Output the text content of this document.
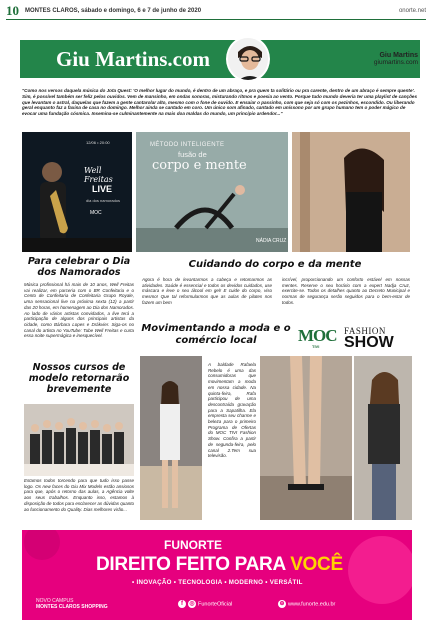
10 MONTES CLAROS, sábado e domingo, 6 e 7 de junho de 2020	onorte.net
Giu Martins.com	Giu Martins
giumartins.com

"Como nos versos daquela música do Jota Quest: 'O melhor lugar do mundo, é dentro de um abraço, e pra quem ta solitário ou pra carente, dentro de um abraço é sempre quente'. Sim, é possível também ser feliz pelos ouvidos. Vem de mansinho, em ondas sonoras, misturando ritmos e poesia ao vento. Porque tudo mundo deveria ter uma playlist de canções que levantam o astral, daquelas que fazem a gente cantarolar alto, mesmo com o fone de ouvido. E ensaiar o passinho, com que seja só com os pezinhos, escondido. Ou liberando geral enquanto faz a faxina de casa no domingo. Melhor ainda se cantado em coro. Um único som afinado, cantado em uníssono por um grupo humano tem o poder mágico de evocar uma fundação cósmica. Insemina-se culminantemente na mais doa maldas do mundo, um princípio ardendor..."

12/06 • 20:00
Well Freitas
LIVE
dia dos namorados
MOC
MÉTODO INTELIGENTE
fusão de
corpo e mente
NÁDIA CRUZ
Para celebrar o Dia dos Namorados

Música profissional há mais de 10 anos, Well Freitas vai realizar, em parceria com o BR Confeitaria e o Cento de Confeitaria de Confeitaria Grupo Royale, uma sensacional live na próxima sexta (12) a partir das 20 horas, em homenagem ao Dia dos Namorados. Ao lado de vários artistas convidados, a live terá a participação de alguns dos principais artistas da cidade, como Bárbara Lopes e Drákvier. Siga-os no canal do artista no YouTube: Tube Well Freitas e curta essa noite supermágica e inesquecível.

Cuidando do corpo e da mente

Agora é hora de levantarmos a cabeça e retomarmos as atividades. Saúde é essencial e todos os devidos cuidados, use máscara e leve o seu álcool em gel! E cuide do corpo, viso mesmo! Que tal reformularmos que as aulas de pilates nos fazem um bem

incrível, proporcionando um conforto estável em nossas mentes. Reserve o seu horário com a expert Nadja Cruz, exercite-se. Todos os detalhes quanto ao Decreto Municipal e normas de segurança serão seguidos para o bem-estar de todos.

Movimentando a moda e o comércio local	MOC
TIVI
FASHION
SHOW

A baldade Rafaela Rebelo é uma das consumidoras que movimentam a moda em nossa cidade. Na quinta-feira, Rafa participou de uma descontraída gravação para a Sapatilha. Ela empresta seu charme e beleza para o primeiro Programa de Ofertas do MOC TIVI Fashion Show. Confira a partir de segunda-feira, pelo canal 2.Tem sua televisão.

Nossos cursos de modelo retornarão brevemente

Estamos todos torcendo para que tudo isso passe logo. Os new faces do Giu Mix Models estão ansiosos para que, após o retorno das aulas, a Agência volte aos seus trabalhos. Enquanto isso, estamos à disposição de todos para esclarecer as dúvidas quanto ao funcionamento do Quality. Dias melhores virão...

FUNORTE
DIREITO FEITO PARA VOCÊ
• INOVAÇÃO • TECNOLOGIA • MODERNO • VERSÁTIL
NOVO CAMPUS
MONTES CLAROS SHOPPING	f ◎ FunorteOficial	⊕ www.funorte.edu.br
